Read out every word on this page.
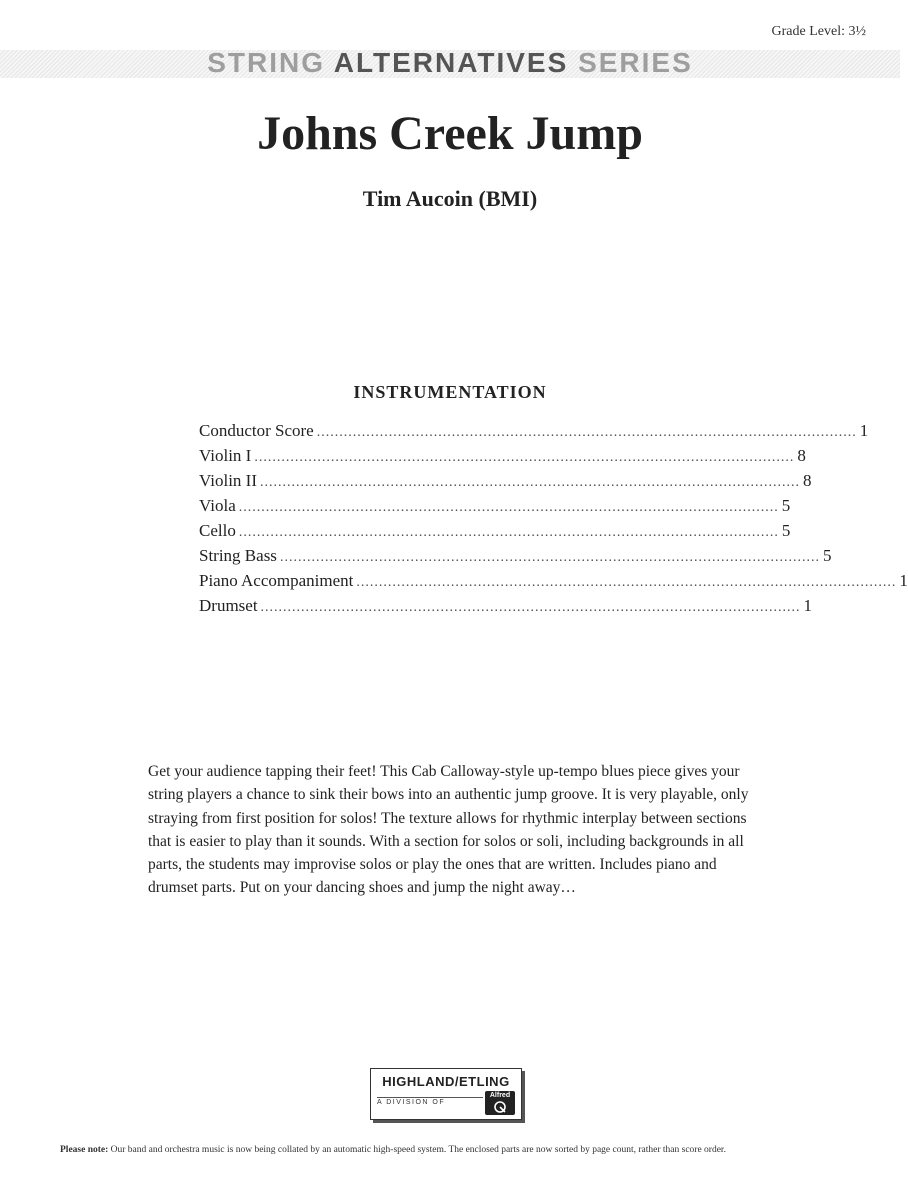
Grade Level: 3½
STRING ALTERNATIVES SERIES
Johns Creek Jump
Tim Aucoin (BMI)
INSTRUMENTATION
Conductor Score ........................................................................................................................ 1
Violin I ........................................................................................................................ 8
Violin II ........................................................................................................................ 8
Viola ........................................................................................................................ 5
Cello ........................................................................................................................ 5
String Bass ........................................................................................................................ 5
Piano Accompaniment ........................................................................................................................ 1
Drumset ........................................................................................................................ 1

Get your audience tapping their feet! This Cab Calloway-style up-tempo blues piece gives your string players a chance to sink their bows into an authentic jump groove. It is very playable, only straying from first position for solos! The texture allows for rhythmic interplay between sections that is easier to play than it sounds. With a section for solos or soli, including backgrounds in all parts, the students may improvise solos or play the ones that are written. Includes piano and drumset parts. Put on your dancing shoes and jump the night away…

HIGHLAND/ETLING
A DIVISION OF
Alfred
Please note: Our band and orchestra music is now being collated by an automatic high-speed system. The enclosed parts are now sorted by page count, rather than score order.
